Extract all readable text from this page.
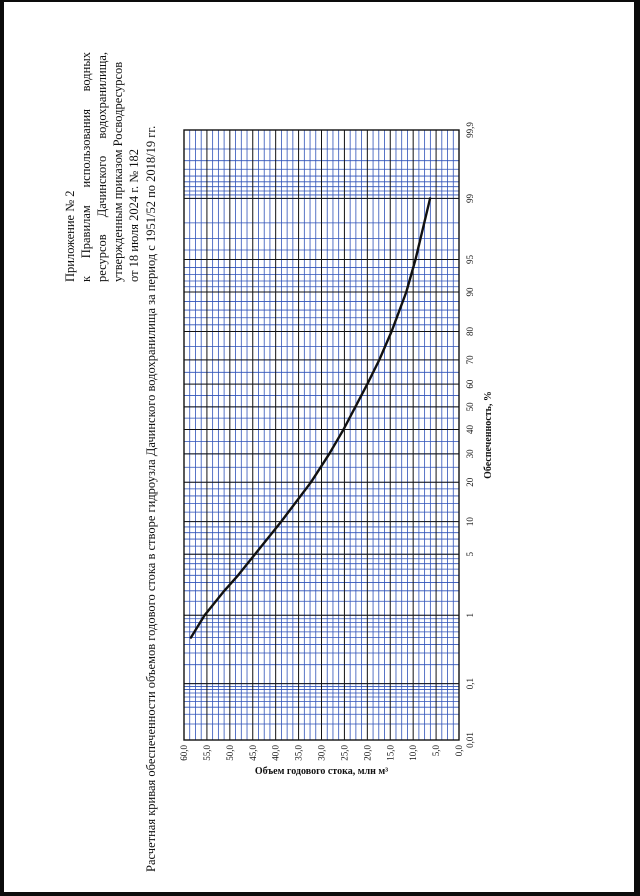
Приложение № 2 к Правилам использования водных ресурсов Дачинского водохранилища, утвержденным приказом Росводресурсов от 18 июля 2024 г. № 182 Расчетная кривая обеспеченности объемов годового стока в створе гидроузла Дачинского водохранилища за период с 1951/52 по 2018/19 гг.	0,01
0,1
1
5
10
20
30
40
50
60
70
80
90
95
99
99,9
0,0
5,0
10,0
15,0
20,0
25,0
30,0
35,0
40,0
45,0
50,0
55,0
60,0
Обеспеченность, %
Объем годового стока, млн м³
